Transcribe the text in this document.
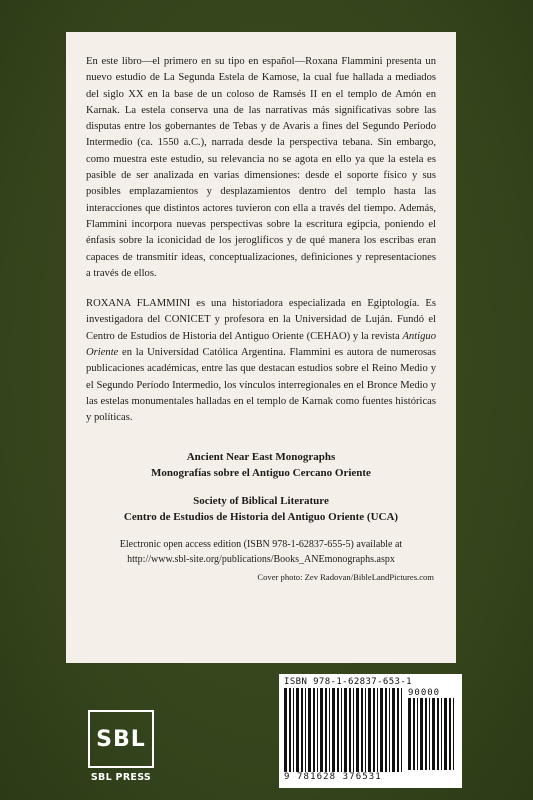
En este libro—el primero en su tipo en español—Roxana Flammini presenta un nuevo estudio de La Segunda Estela de Kamose, la cual fue hallada a mediados del siglo XX en la base de un coloso de Ramsés II en el templo de Amón en Karnak. La estela conserva una de las narrativas más significativas sobre las disputas entre los gobernantes de Tebas y de Avaris a fines del Segundo Período Intermedio (ca. 1550 a.C.), narrada desde la perspectiva tebana. Sin embargo, como muestra este estudio, su relevancia no se agota en ello ya que la estela es pasible de ser analizada en varias dimensiones: desde el soporte físico y sus posibles emplazamientos y desplazamientos dentro del templo hasta las interacciones que distintos actores tuvieron con ella a través del tiempo. Además, Flammini incorpora nuevas perspectivas sobre la escritura egipcia, poniendo el énfasis sobre la iconicidad de los jeroglíficos y de qué manera los escribas eran capaces de transmitir ideas, conceptualizaciones, definiciones y representaciones a través de ellos.

ROXANA FLAMMINI es una historiadora especializada en Egiptología. Es investigadora del CONICET y profesora en la Universidad de Luján. Fundó el Centro de Estudios de Historia del Antiguo Oriente (CEHAO) y la revista Antiguo Oriente en la Universidad Católica Argentina. Flammini es autora de numerosas publicaciones académicas, entre las que destacan estudios sobre el Reino Medio y el Segundo Período Intermedio, los vínculos interregionales en el Bronce Medio y las estelas monumentales halladas en el templo de Karnak como fuentes históricas y políticas.

Ancient Near East Monographs
Monografías sobre el Antiguo Cercano Oriente
Society of Biblical Literature
Centro de Estudios de Historia del Antiguo Oriente (UCA)
Electronic open access edition (ISBN 978-1-62837-655-5) available at
http://www.sbl-site.org/publications/Books_ANEmonographs.aspx
Cover photo: Zev Radovan/BibleLandPictures.com
SBL
SBL PRESS
ISBN 978-1-62837-653-1
90000
9 781628 376531
